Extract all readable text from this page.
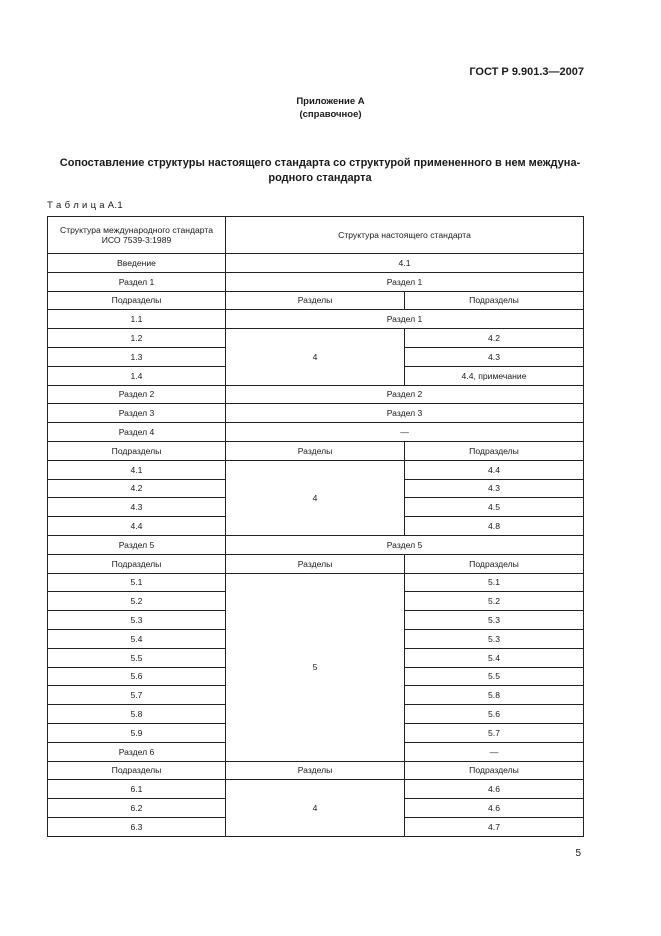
ГОСТ Р 9.901.3—2007
Приложение А
(справочное)
Сопоставление структуры настоящего стандарта со структурой примененного в нем междуна-
родного стандарта
Т а б л и ц а А.1
Структура международного стандарта ИСО 7539-3:1989	Структура настоящего стандарта	
Введение	4.1	
Раздел 1	Раздел 1	
Подразделы	Разделы	Подразделы
1.1	Раздел 1	
1.2	4	4.2
1.3		4.3
1.4		4.4, примечание
Раздел 2	Раздел 2	
Раздел 3	Раздел 3	
Раздел 4	—	
Подразделы	Разделы	Подразделы
4.1	4	4.4
4.2		4.3
4.3		4.5
4.4		4.8
Раздел 5	Раздел 5	
Подразделы	Разделы	Подразделы
5.1	5	5.1
5.2		5.2
5.3		5.3
5.4		5.3
5.5		5.4
5.6		5.5
5.7		5.8
5.8		5.6
5.9		5.7
Раздел 6		—
Подразделы	Разделы	Подразделы
6.1	4	4.6
6.2		4.6
6.3		4.7
5
